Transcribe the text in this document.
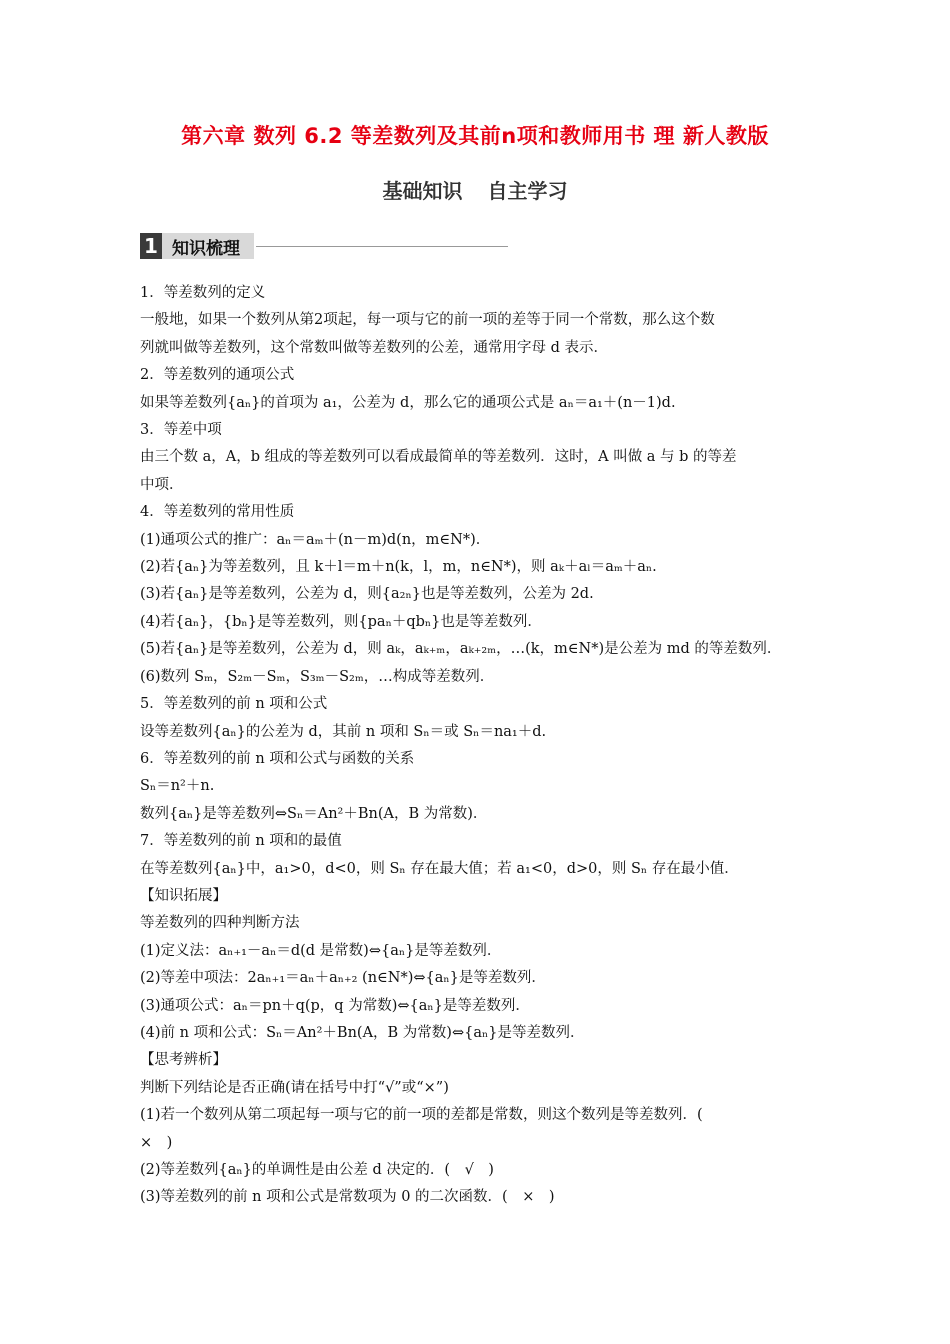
第六章 数列 6.2 等差数列及其前n项和教师用书 理 新人教版
基础知识 自主学习
1 知识梳理

1．等差数列的定义

一般地，如果一个数列从第2项起，每一项与它的前一项的差等于同一个常数，那么这个数

列就叫做等差数列，这个常数叫做等差数列的公差，通常用字母 d 表示．

2．等差数列的通项公式

如果等差数列{aₙ}的首项为 a₁，公差为 d，那么它的通项公式是 aₙ＝a₁＋(n－1)d.

3．等差中项

由三个数 a，A，b 组成的等差数列可以看成最简单的等差数列．这时，A 叫做 a 与 b 的等差

中项．

4．等差数列的常用性质

(1)通项公式的推广：aₙ＝aₘ＋(n－m)d(n，m∈N*)．

(2)若{aₙ}为等差数列，且 k＋l＝m＋n(k，l，m，n∈N*)，则 aₖ＋aₗ＝aₘ＋aₙ.

(3)若{aₙ}是等差数列，公差为 d，则{a₂ₙ}也是等差数列，公差为 2d.

(4)若{aₙ}，{bₙ}是等差数列，则{paₙ＋qbₙ}也是等差数列．

(5)若{aₙ}是等差数列，公差为 d，则 aₖ，aₖ₊ₘ，aₖ₊₂ₘ，…(k，m∈N*)是公差为 md 的等差数列．

(6)数列 Sₘ，S₂ₘ－Sₘ，S₃ₘ－S₂ₘ，…构成等差数列．

5．等差数列的前 n 项和公式

设等差数列{aₙ}的公差为 d，其前 n 项和 Sₙ＝或 Sₙ＝na₁＋d.

6．等差数列的前 n 项和公式与函数的关系

Sₙ＝n²＋n.

数列{aₙ}是等差数列⇔Sₙ＝An²＋Bn(A，B 为常数)．

7．等差数列的前 n 项和的最值

在等差数列{aₙ}中，a₁>0，d<0，则 Sₙ 存在最大值；若 a₁<0，d>0，则 Sₙ 存在最小值．

【知识拓展】

等差数列的四种判断方法

(1)定义法：aₙ₊₁－aₙ＝d(d 是常数)⇔{aₙ}是等差数列．

(2)等差中项法：2aₙ₊₁＝aₙ＋aₙ₊₂ (n∈N*)⇔{aₙ}是等差数列．

(3)通项公式：aₙ＝pn＋q(p，q 为常数)⇔{aₙ}是等差数列．

(4)前 n 项和公式：Sₙ＝An²＋Bn(A，B 为常数)⇔{aₙ}是等差数列．

【思考辨析】

判断下列结论是否正确(请在括号中打“√”或“×”)

(1)若一个数列从第二项起每一项与它的前一项的差都是常数，则这个数列是等差数列．(

×　)

(2)等差数列{aₙ}的单调性是由公差 d 决定的．(　√　)

(3)等差数列的前 n 项和公式是常数项为 0 的二次函数．(　×　)
